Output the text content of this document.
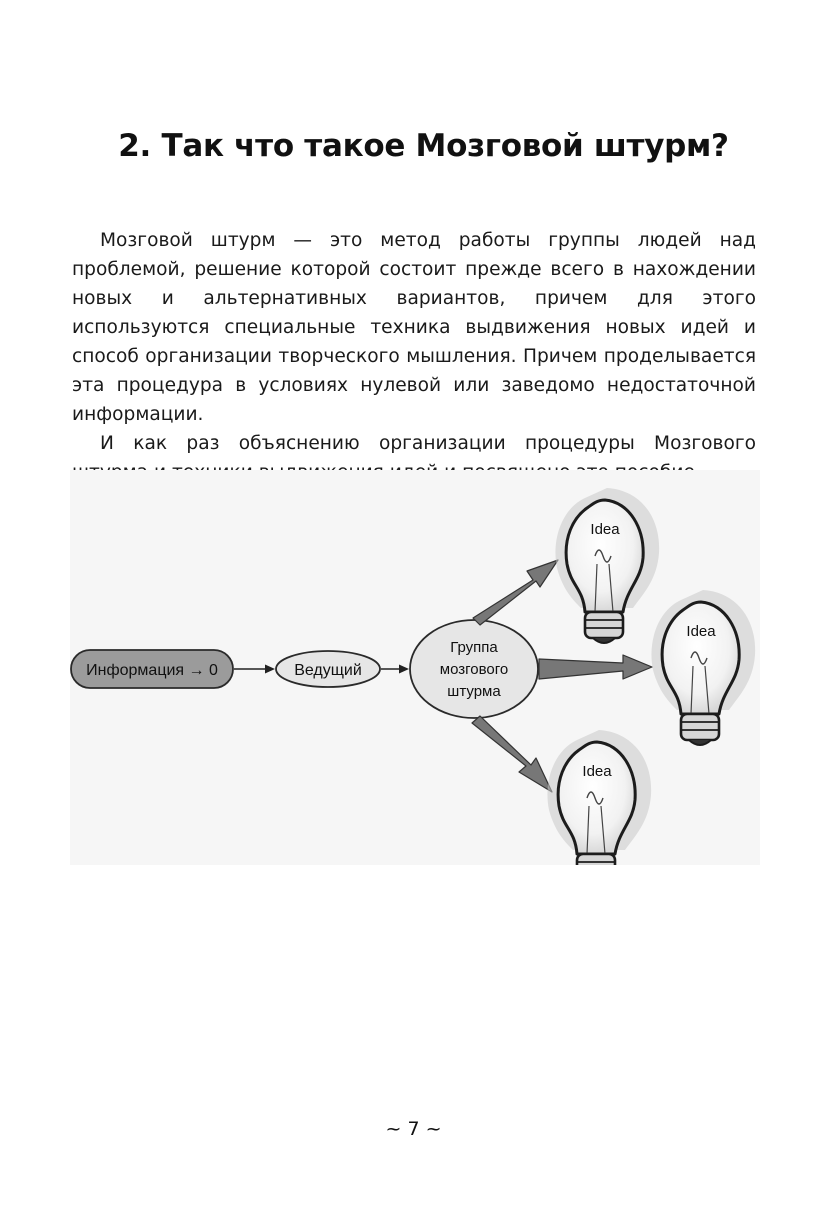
2. Так что такое Мозговой штурм?

Мозговой штурм — это метод работы группы людей над проблемой, решение которой состоит прежде всего в нахождении новых и альтернативных вариантов, причем для этого используются специальные техника выдвижения новых идей и способ организации творческого мышления. Причем проделывается эта процедура в условиях нулевой или заведомо недостаточной информации.

И как раз объяснению организации процедуры Мозгового

Информация → 0	Ведущий
Группа
мозгового
штурма
Idea
Idea
Idea
~ 7 ~
